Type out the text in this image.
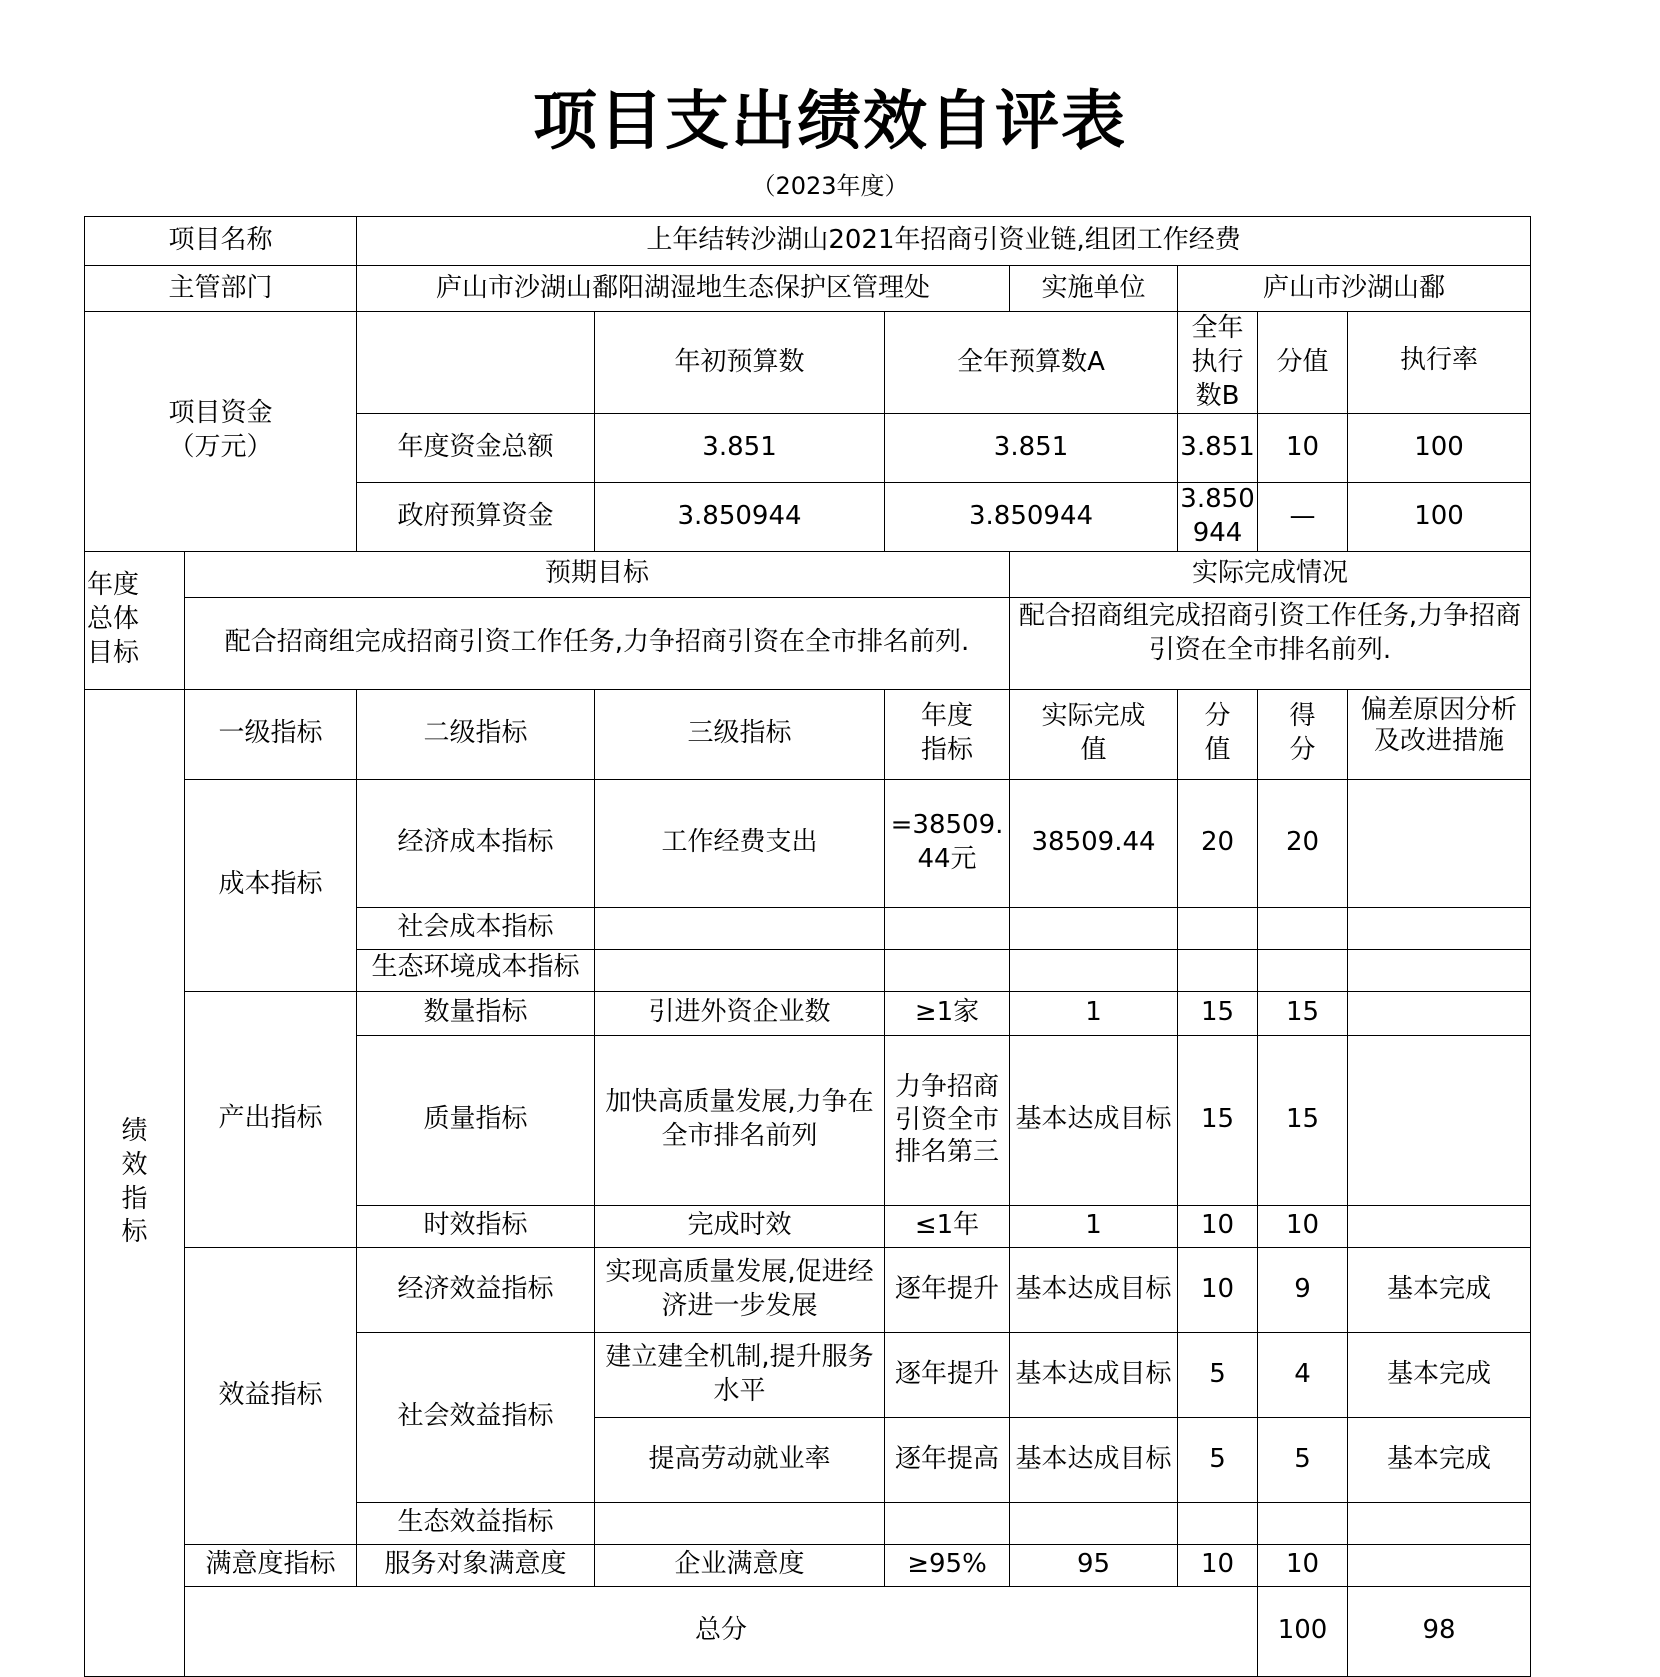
项目支出绩效自评表
（2023年度）
项目名称		上年结转沙湖山2021年招商引资业链,组团工作经费							
主管部门		庐山市沙湖山鄱阳湖湿地生态保护区管理处			实施单位	庐山市沙湖山鄱			
项目资金
（万元）			年初预算数	全年预算数A		全年执行数B	分值	执行率

		年度资金总额	3.851	3.851		3.851	10	100	
		政府预算资金	3.850944	3.850944		3.850944	—	100	
年度
总体
目标	预期目标				实际完成情况				
	配合招商组完成招商引资工作任务,力争招商引资在全市排名前列.				配合招商组完成招商引资工作任务,力争招商引资在全市排名前列.				

绩效指标	一级指标	二级指标	三级指标	年度指标	实际完成值	分值	得分	偏差原因分析及改进措施	

	成本指标	经济成本指标	工作经费支出	=38509.44元	38509.44	20	20		
		社会成本指标							

		生态环境成本指标							

	产出指标	数量指标	引进外资企业数	≥1家	1	15	15		
		质量指标	加快高质量发展,力争在全市排名前列	力争招商引资全市排名第三	基本达成目标	15	15		
		时效指标	完成时效	≤1年	1	10	10		
	效益指标	经济效益指标	实现高质量发展,促进经济进一步发展	逐年提升	基本达成目标	10	9	基本完成	
		社会效益指标	建立建全机制,提升服务水平	逐年提升	基本达成目标	5	4	基本完成	
			提高劳动就业率	逐年提高	基本达成目标	5	5	基本完成	
		生态效益指标							
	满意度指标	服务对象满意度	企业满意度	≥95%	95	10	10		
	总分						100	98	
